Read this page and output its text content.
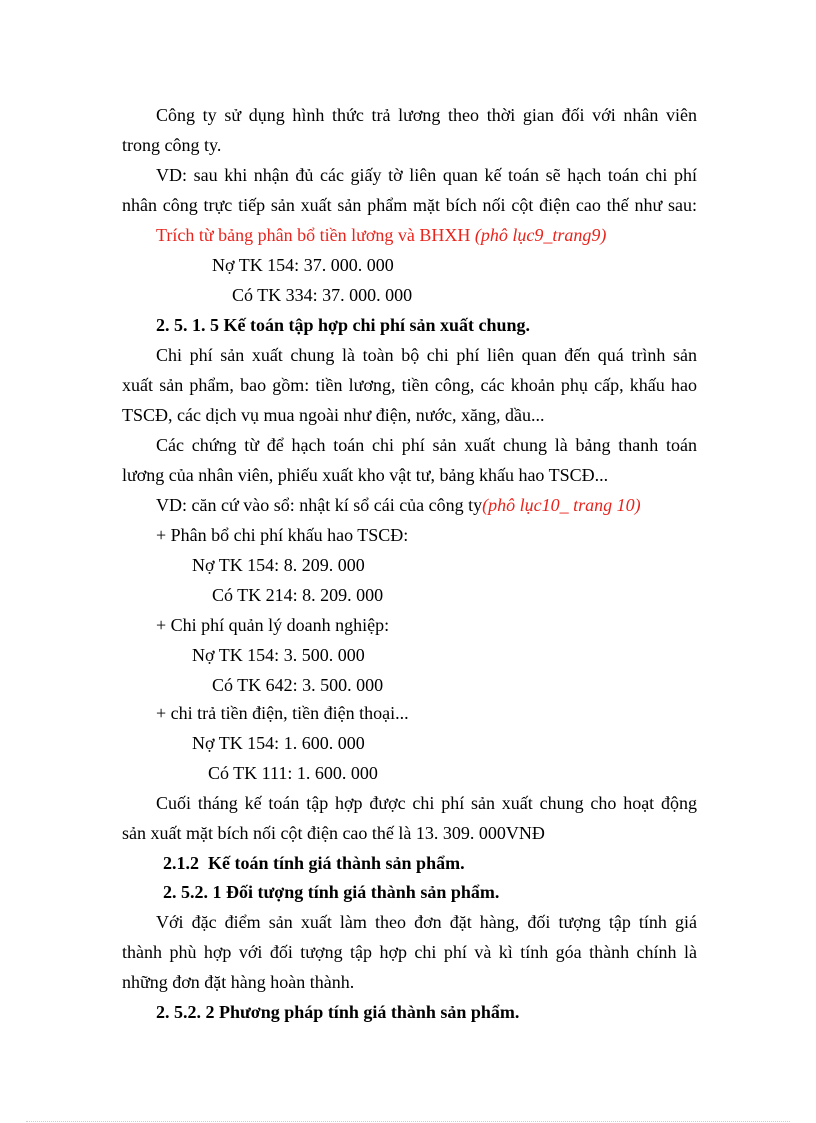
Công ty sử dụng hình thức trả lương theo thời gian đối với nhân viên
trong công ty.
VD: sau khi nhận đủ các giấy tờ liên quan kế toán sẽ hạch toán chi phí
nhân công trực tiếp sản xuất sản phẩm mặt bích nối cột điện cao thế như sau:
Trích từ bảng phân bổ tiền lương và BHXH (phô lục9_trang9)
Nợ TK 154: 37. 000. 000
Có TK 334: 37. 000. 000
2. 5. 1. 5 Kế toán tập hợp chi phí sản xuất chung.
Chi phí sản xuất chung là toàn bộ chi phí liên quan đến quá trình sản
xuất sản phẩm, bao gồm: tiền lương, tiền công, các khoản phụ cấp, khấu hao
TSCĐ, các dịch vụ mua ngoài như điện, nước, xăng, dầu...
Các chứng từ để hạch toán chi phí sản xuất chung là bảng thanh toán
lương của nhân viên, phiếu xuất kho vật tư, bảng khấu hao TSCĐ...
VD: căn cứ vào sổ: nhật kí sổ cái của công ty(phô lục10_ trang 10)
+ Phân bổ chi phí khấu hao TSCĐ:
Nợ TK 154: 8. 209. 000
Có TK 214: 8. 209. 000
+ Chi phí quản lý doanh nghiệp:
Nợ TK 154: 3. 500. 000
Có TK 642: 3. 500. 000
+ chi trả tiền điện, tiền điện thoại...
Nợ TK 154: 1. 600. 000
Có TK 111: 1. 600. 000
Cuối tháng kế toán tập hợp được chi phí sản xuất chung cho hoạt động
sản xuất mặt bích nối cột điện cao thế là 13. 309. 000VNĐ
2.1.2 Kế toán tính giá thành sản phẩm.
2. 5.2. 1 Đối tượng tính giá thành sản phẩm.
Với đặc điểm sản xuất làm theo đơn đặt hàng, đối tượng tập tính giá
thành phù hợp với đối tượng tập hợp chi phí và kì tính góa thành chính là
những đơn đặt hàng hoàn thành.
2. 5.2. 2 Phương pháp tính giá thành sản phẩm.
